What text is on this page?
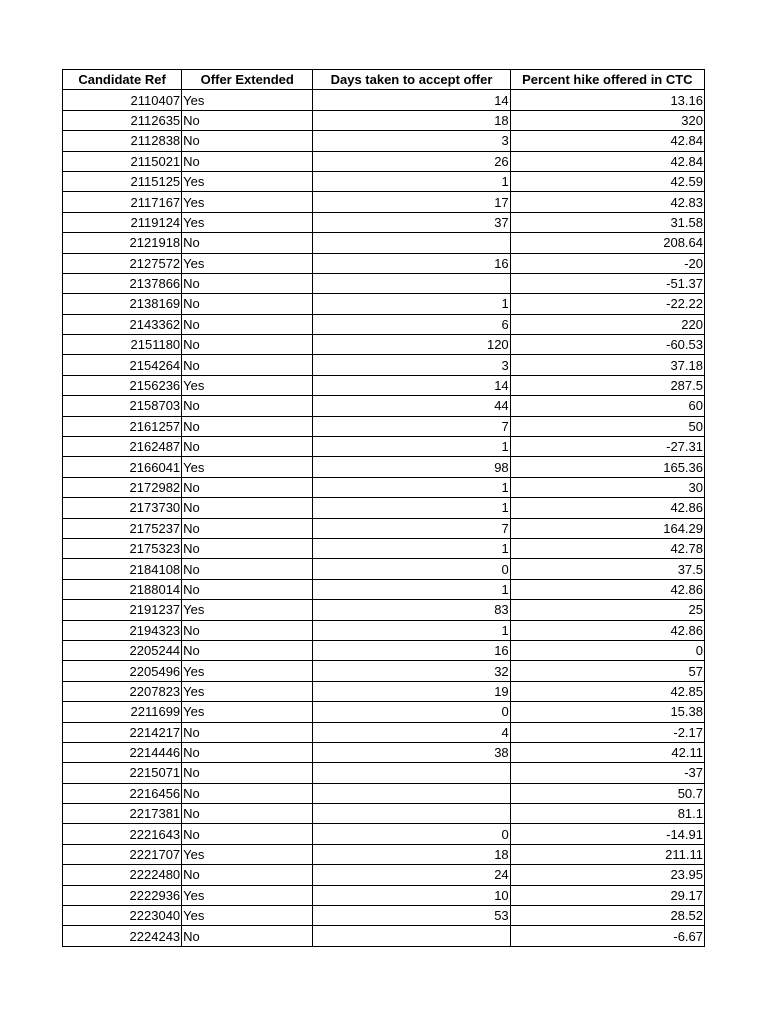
Candidate Ref	Offer Extended	Days taken to accept offer	Percent hike offered in CTC
2110407	Yes	14	13.16
2112635	No	18	320
2112838	No	3	42.84
2115021	No	26	42.84
2115125	Yes	1	42.59
2117167	Yes	17	42.83
2119124	Yes	37	31.58
2121918	No		208.64
2127572	Yes	16	-20
2137866	No		-51.37
2138169	No	1	-22.22
2143362	No	6	220
2151180	No	120	-60.53
2154264	No	3	37.18
2156236	Yes	14	287.5
2158703	No	44	60
2161257	No	7	50
2162487	No	1	-27.31
2166041	Yes	98	165.36
2172982	No	1	30
2173730	No	1	42.86
2175237	No	7	164.29
2175323	No	1	42.78
2184108	No	0	37.5
2188014	No	1	42.86
2191237	Yes	83	25
2194323	No	1	42.86
2205244	No	16	0
2205496	Yes	32	57
2207823	Yes	19	42.85
2211699	Yes	0	15.38
2214217	No	4	-2.17
2214446	No	38	42.11
2215071	No		-37
2216456	No		50.7
2217381	No		81.1
2221643	No	0	-14.91
2221707	Yes	18	211.11
2222480	No	24	23.95
2222936	Yes	10	29.17
2223040	Yes	53	28.52
2224243	No		-6.67
